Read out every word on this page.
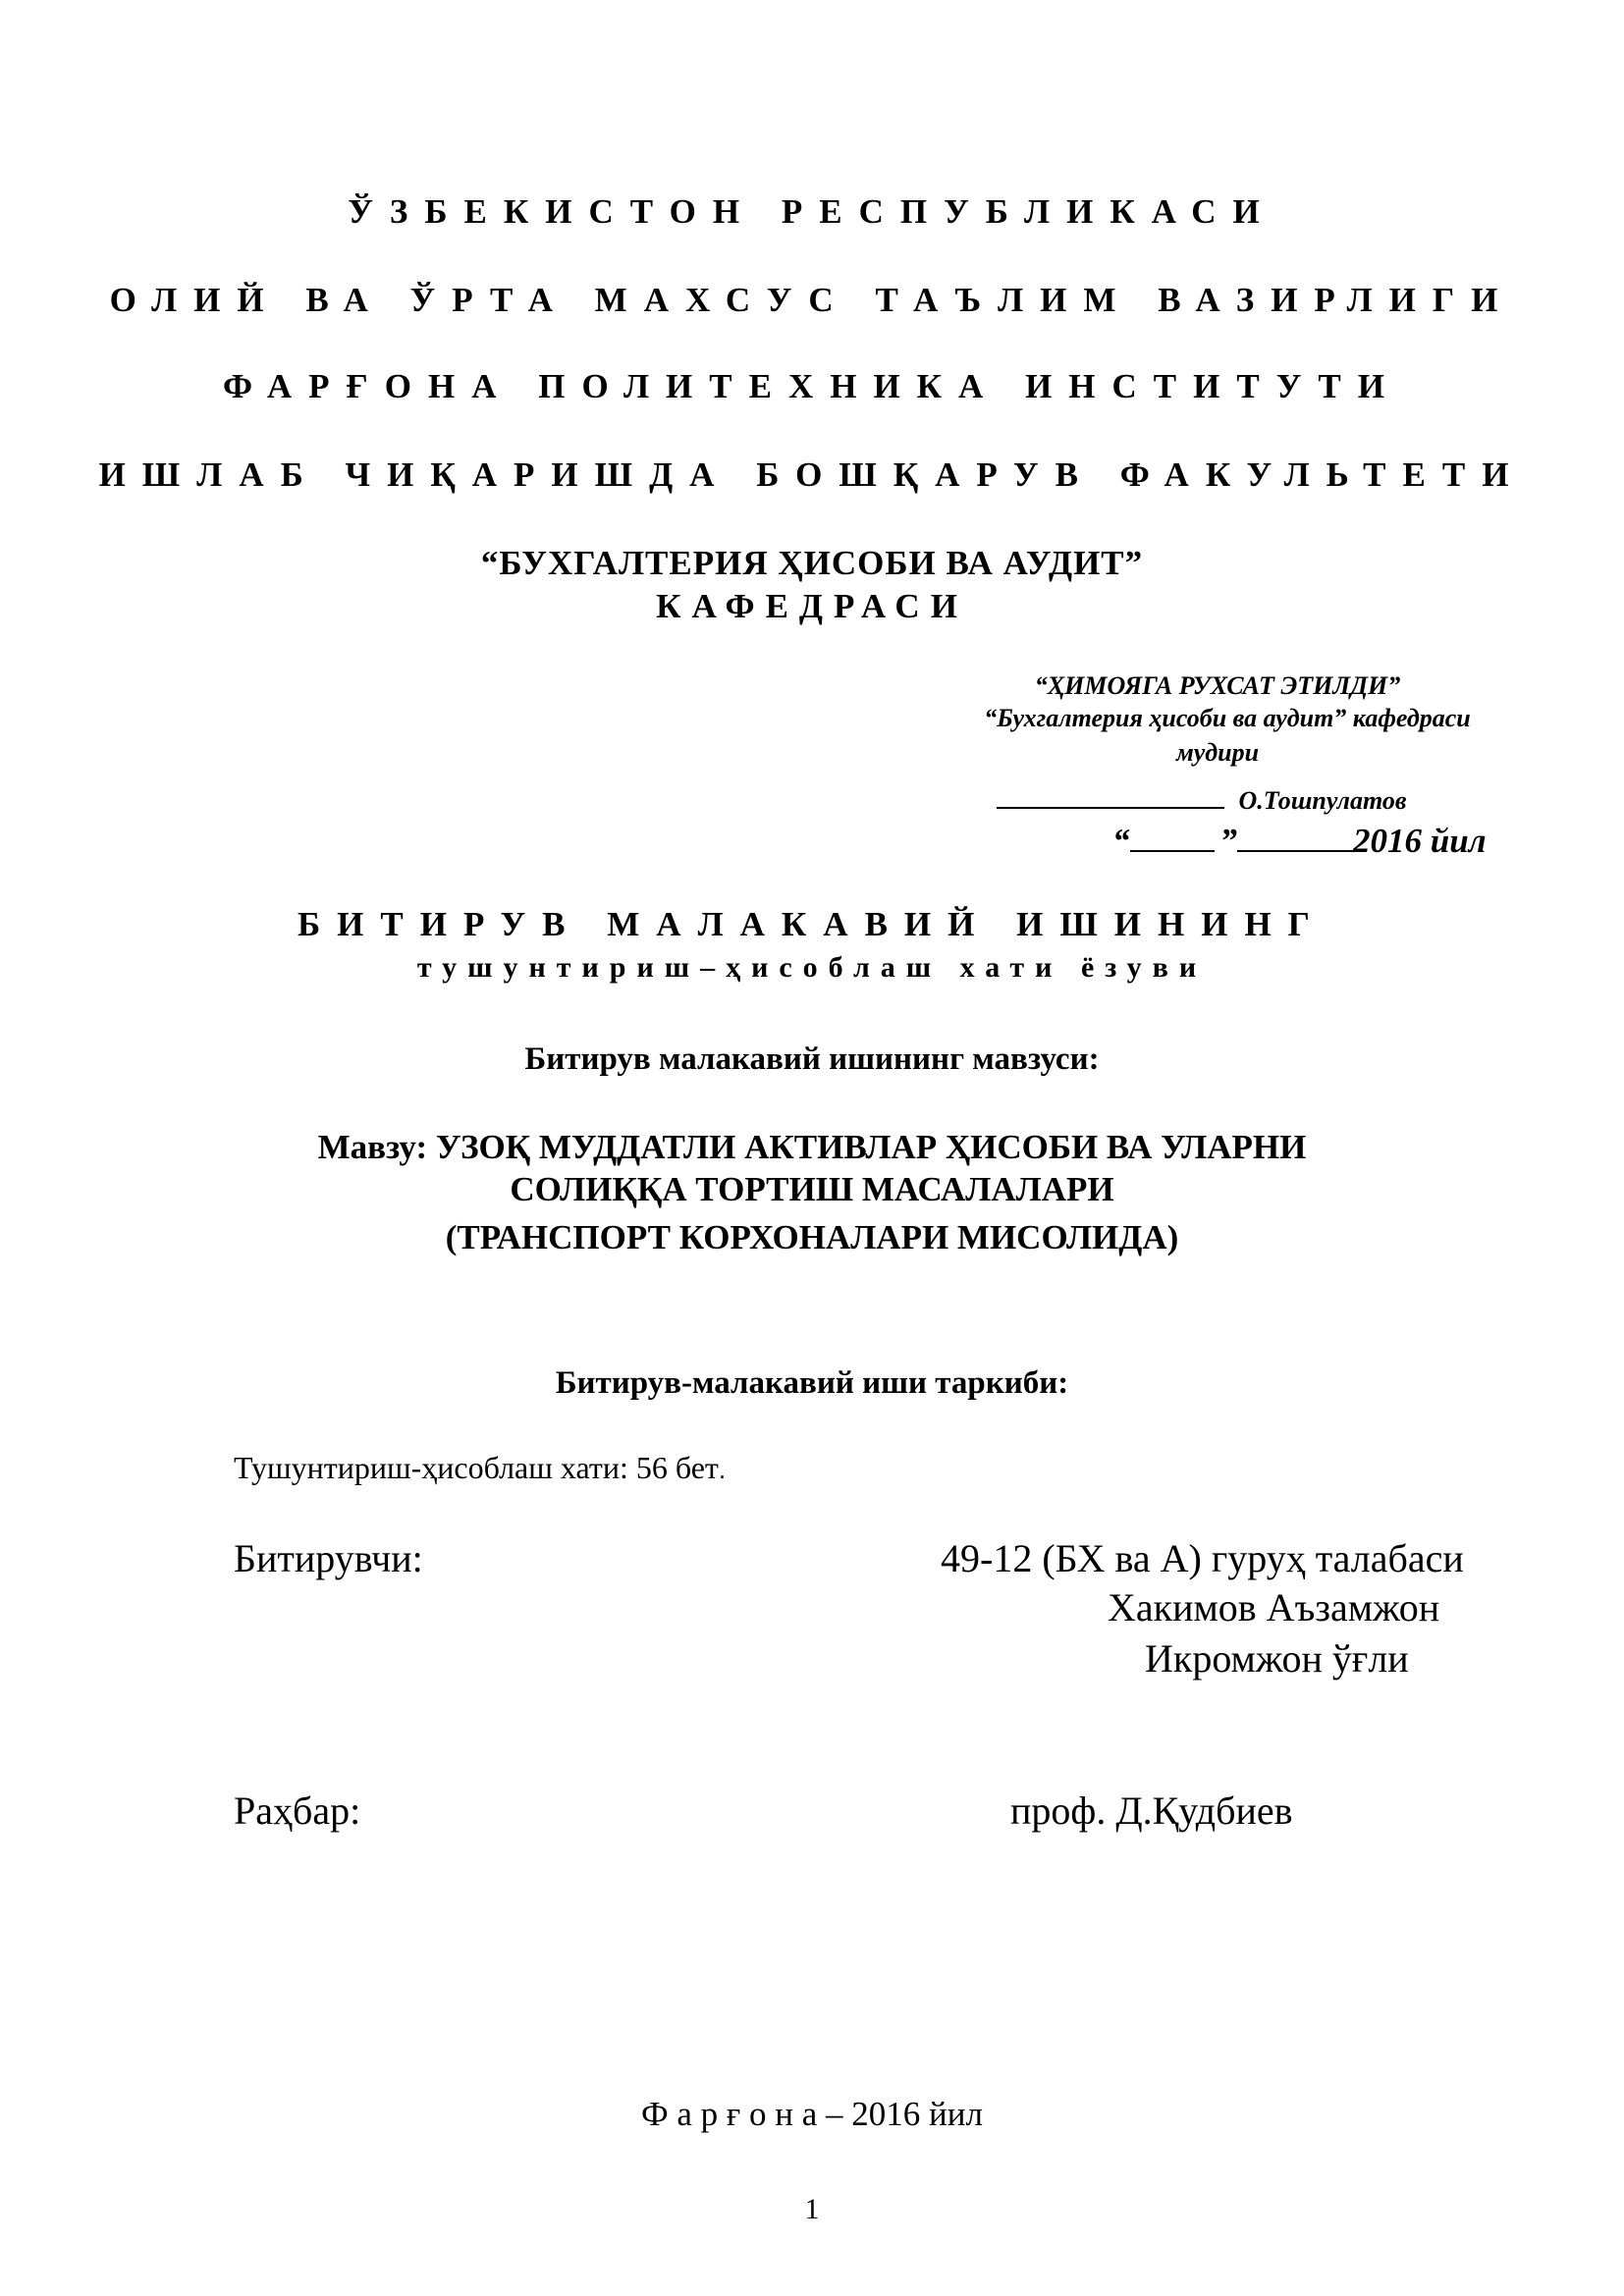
ЎЗБЕКИСТОН РЕСПУБЛИКАСИ
ОЛИЙ ВА ЎРТА МАХСУС ТАЪЛИМ ВАЗИРЛИГИ
ФАРҒОНА ПОЛИТЕХНИКА ИНСТИТУТИ
ИШЛАБ ЧИҚАРИШДА БОШҚАРУВ ФАКУЛЬТЕТИ
“БУХГАЛТЕРИЯ ҲИСОБИ ВА АУДИТ”
КАФЕДРАСИ
“ҲИМОЯГА РУХСАТ ЭТИЛДИ”
“Бухгалтерия ҳисоби ва аудит” кафедраси
мудири
О.Тошпулатов
“	”	2016 йил
БИТИРУВ МАЛАКАВИЙ ИШИНИНГ
тушунтириш–ҳисоблаш хати ёзуви
Битирув малакавий ишининг мавзуси:
Мавзу: УЗОҚ МУДДАТЛИ АКТИВЛАР ҲИСОБИ ВА УЛАРНИ
СОЛИҚҚА ТОРТИШ МАСАЛАЛАРИ
(ТРАНСПОРТ КОРХОНАЛАРИ МИСОЛИДА)
Битирув-малакавий иши таркиби:
Тушунтириш-ҳисоблаш хати: 56 бет.
Битирувчи:	49-12 (БХ ва А) гуруҳ талабаси
Хакимов Аъзамжон
Икромжон ўғли
Раҳбар:	проф. Д.Қудбиев
Ф а р ғ о н а – 2016 йил
1
